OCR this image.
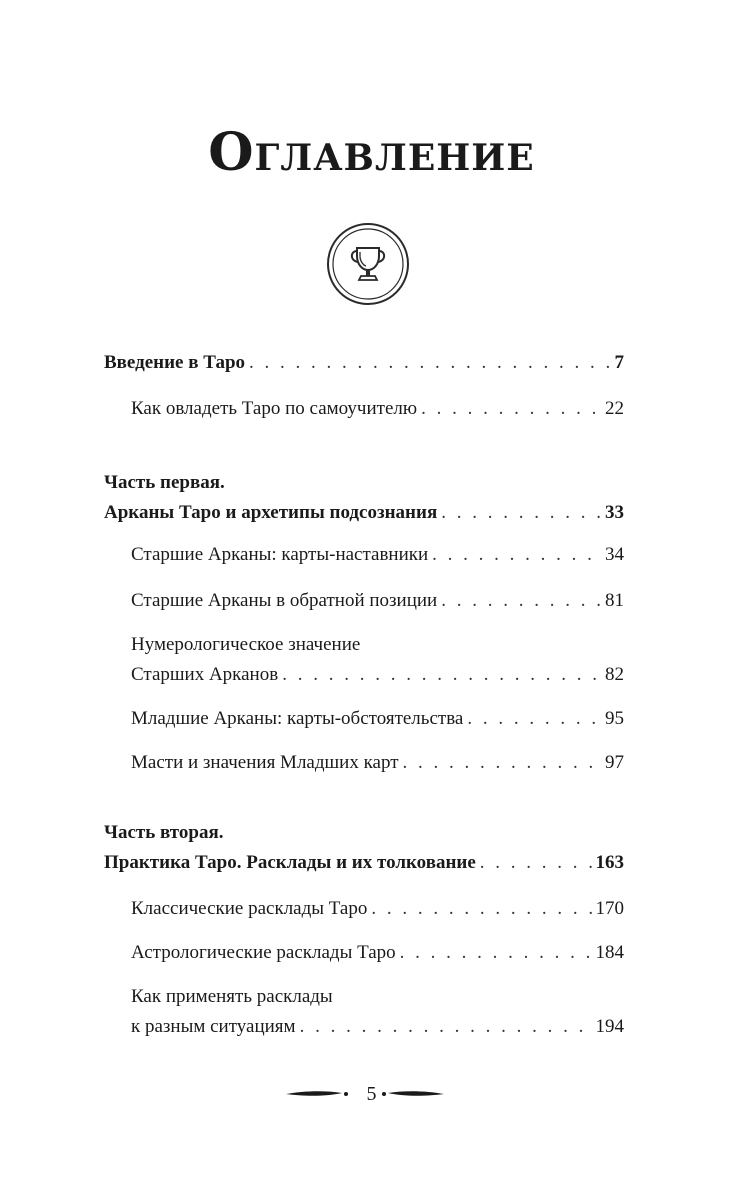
Оглавление
Введение в Таро . . .	7
Как овладеть Таро по самоучителю . . .	22
Часть первая.
Арканы Таро и архетипы подсознания . . .	33
Старшие Арканы: карты-наставники . . .	34
Старшие Арканы в обратной позиции . . .	81
Нумерологическое значение
Старших Арканов . . .	82
Младшие Арканы: карты-обстоятельства . . .	95
Масти и значения Младших карт . . .	97
Часть вторая.
Практика Таро. Расклады и их толкование . . .	163
Классические расклады Таро . . .	170
Астрологические расклады Таро . . .	184
Как применять расклады
к разным ситуациям . . .	194
5
